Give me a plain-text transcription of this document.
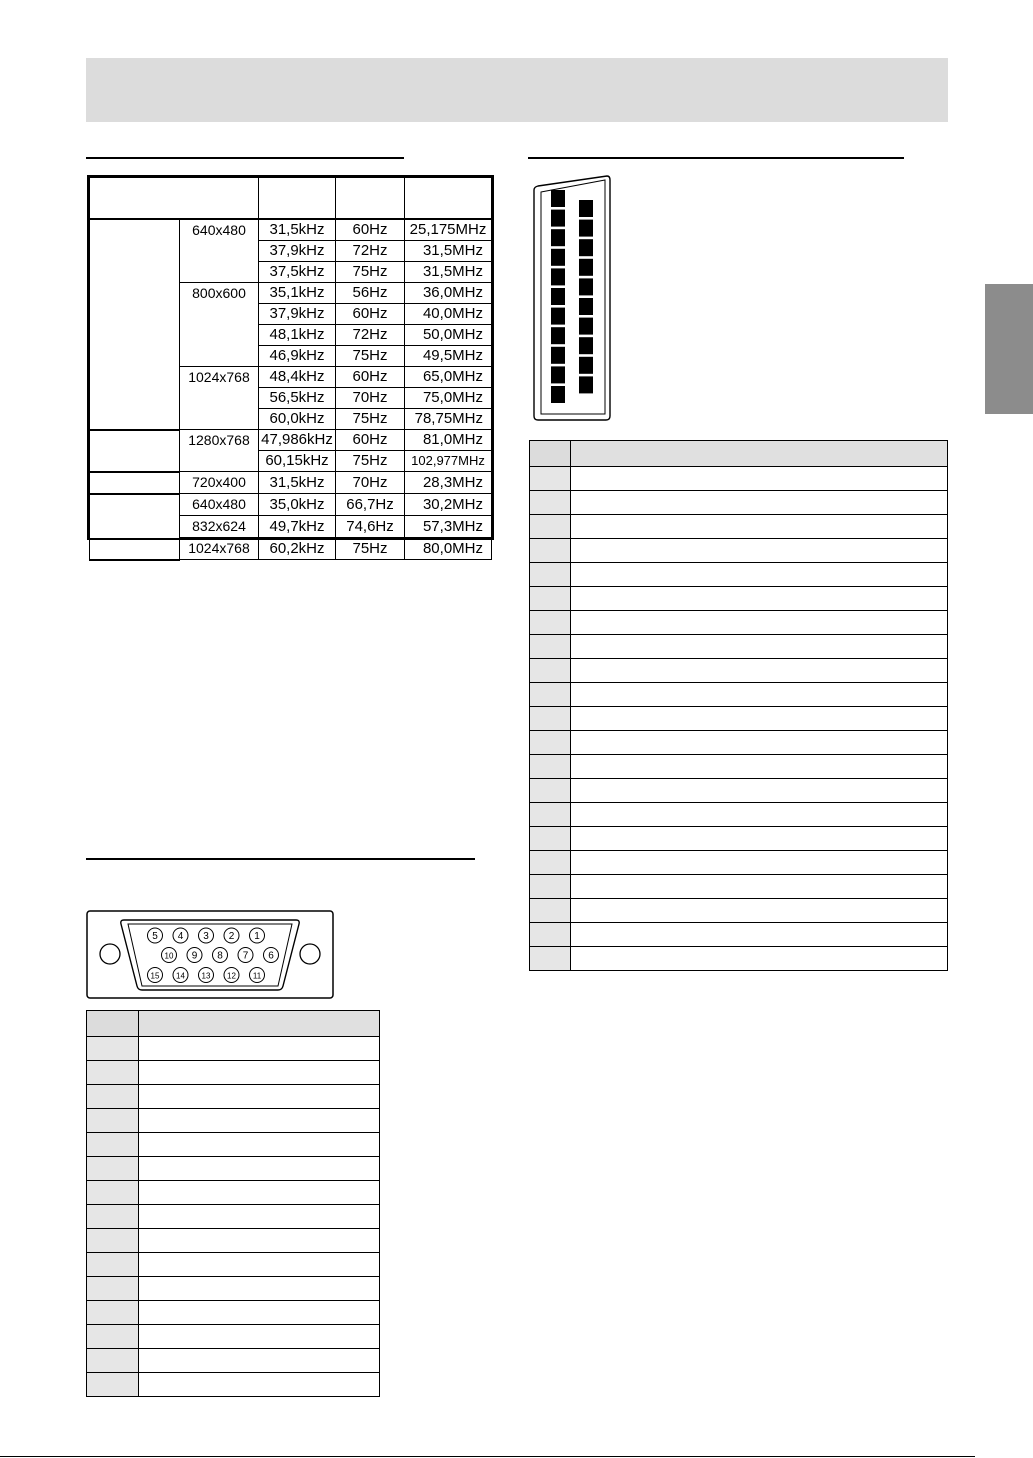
	640x480	31,5kHz	60Hz	25,175MHz
		37,9kHz	72Hz	31,5MHz
		37,5kHz	75Hz	31,5MHz
	800x600	35,1kHz	56Hz	36,0MHz
		37,9kHz	60Hz	40,0MHz
		48,1kHz	72Hz	50,0MHz
		46,9kHz	75Hz	49,5MHz
	1024x768	48,4kHz	60Hz	65,0MHz
		56,5kHz	70Hz	75,0MHz
		60,0kHz	75Hz	78,75MHz
	1280x768	47,986kHz	60Hz	81,0MHz
		60,15kHz	75Hz	102,977MHz
	720x400	31,5kHz	70Hz	28,3MHz
	640x480	35,0kHz	66,7Hz	30,2MHz
	832x624	49,7kHz	74,6Hz	57,3MHz
	1024x768	60,2kHz	75Hz	80,0MHz
5 4 3 2 1
10 9 8 7 6
15 14 13 12 11
